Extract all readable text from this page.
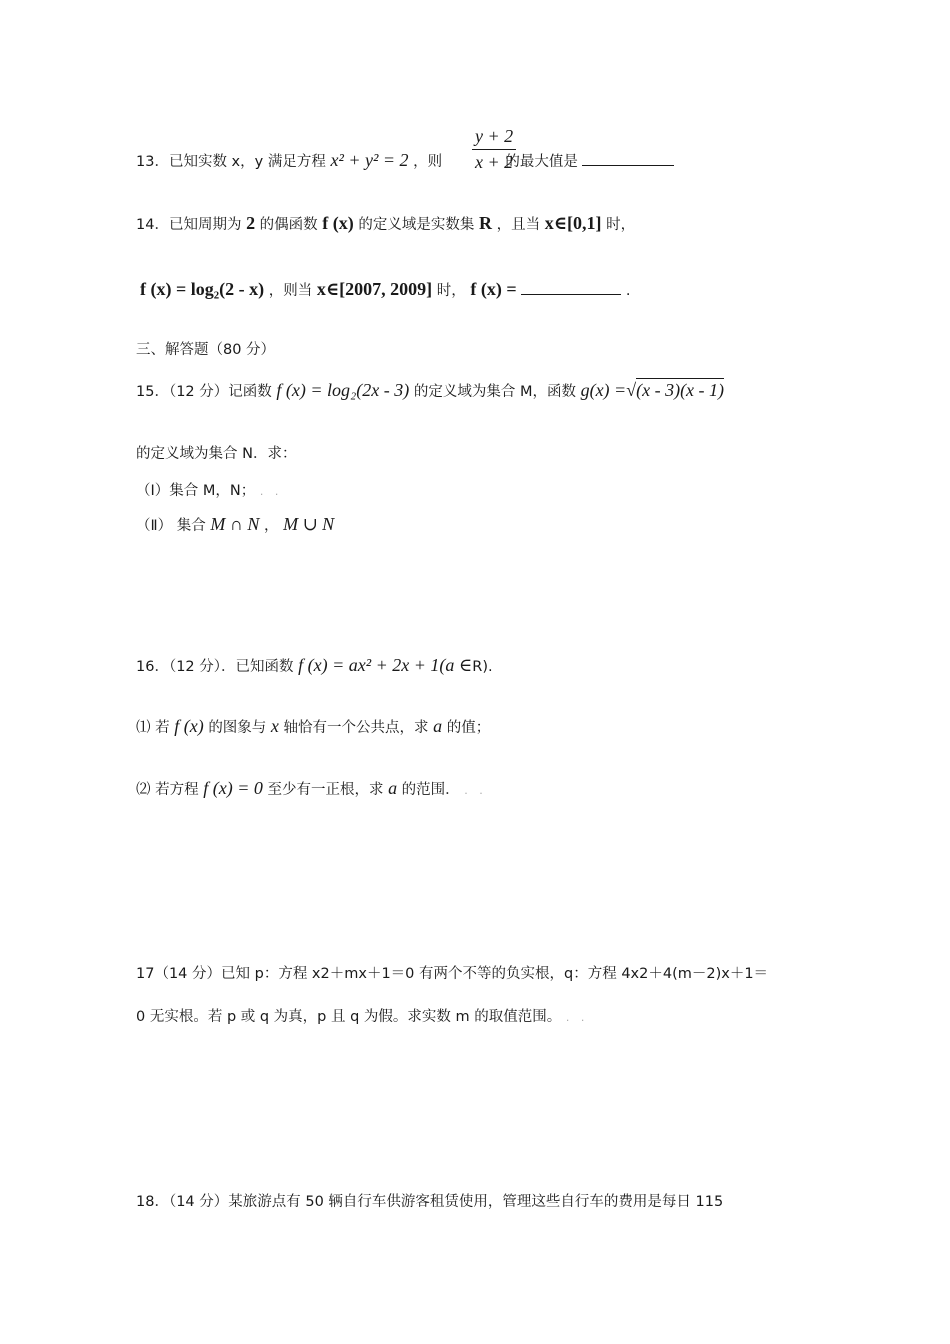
$\frac{y + 2}{x + 2}$
13．已知实数 x，y 满足方程 x² + y² = 2 ，则	的最大值是
14．已知周期为 2 的偶函数 f (x) 的定义域是实数集 R ，且当 x∈[0,1] 时，
f (x) = log₂(2 - x) ，则当 x∈[2007, 2009] 时， f (x) =	.
三、解答题（80 分）
15．（12 分）记函数 f (x) = log₂(2x - 3) 的定义域为集合 M，函数 g(x) =√(x - 3)(x - 1)
的定义域为集合 N．求：
（Ⅰ）集合 M，N； . .
（Ⅱ） 集合 M ∩ N ， M ∪ N
16．（12 分）．已知函数 f (x) = ax² + 2x + 1(a ∈R).
⑴ 若 f (x) 的图象与 x 轴恰有一个公共点，求 a 的值；
⑵ 若方程 f (x) = 0 至少有一正根，求 a 的范围． . .
17（14 分）已知 p：方程 x2＋mx＋1＝0 有两个不等的负实根，q：方程 4x2＋4(m－2)x＋1＝
0 无实根。若 p 或 q 为真，p 且 q 为假。求实数 m 的取值范围。 . .
18．（14 分）某旅游点有 50 辆自行车供游客租赁使用，管理这些自行车的费用是每日 115
